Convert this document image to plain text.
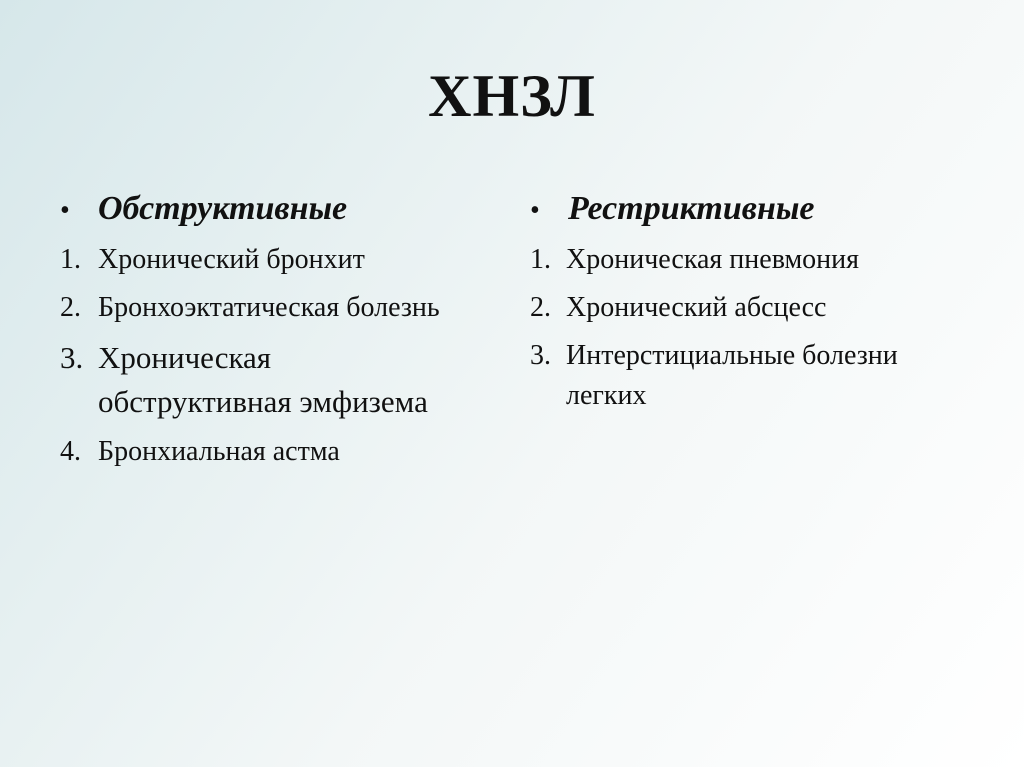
ХНЗЛ
• Обструктивные
1. Хронический бронхит
2. Бронхоэктатическая болезнь
3. Хроническая обструктивная эмфизема
4. Бронхиальная астма
• Рестриктивные
1. Хроническая пневмония
2. Хронический абсцесс
3. Интерстициальные болезни легких
